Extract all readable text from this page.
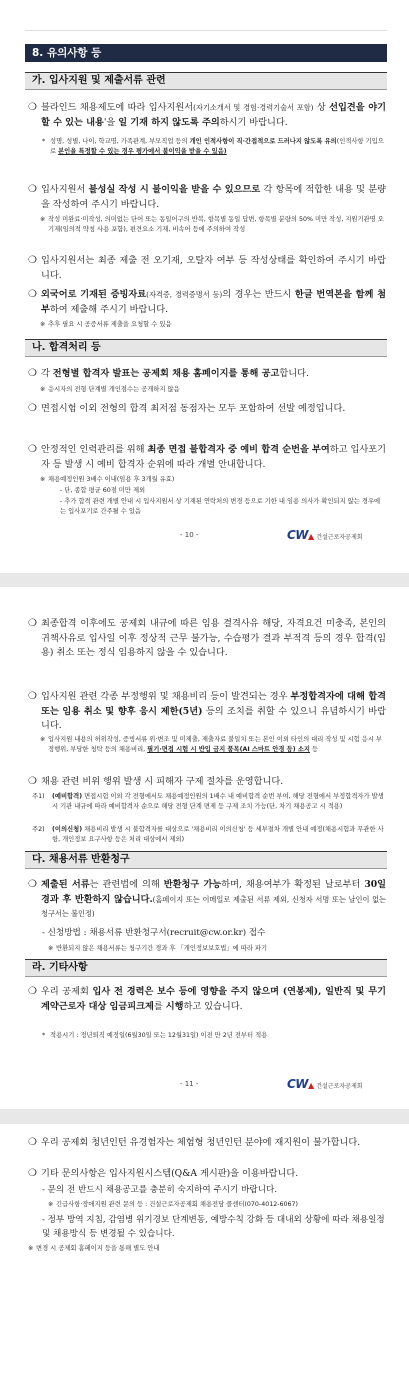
8. 유의사항 등
가. 입사지원 및 제출서류 관련
❍ 블라인드 채용제도에 따라 입사지원서(자기소개서 및 경험·경력기술서 포함) 상 선입견을 야기할 수 있는 내용'을 일 기재 하지 않도록 주의하시기 바랍니다.
* 성명, 성별, 나이, 학교명, 가족관계, 부모직업 등의 개인 인적사항이 직·간접적으로 드러나지 않도록 유의(인적사항 기입으로 본인을 특정할 수 있는 경우 평가에서 불이익을 받을 수 있음)
❍ 입사지원서 불성실 작성 시 불이익을 받을 수 있으므로 각 항목에 적합한 내용 및 분량을 작성하여 주시기 바랍니다.
※ 작성 미완료·미작성, 의미없는 단어 또는 동일어구의 반복, 항목별 동일 답변, 항목별 분량의 50% 미만 작성, 지원기관명 오기재(임의적 약칭 사용 포함), 편견요소 기재, 비속어 등에 주의하여 작성
❍ 입사지원서는 최종 제출 전 오기재, 오탈자 여부 등 작성상태를 확인하여 주시기 바랍니다.
❍ 외국어로 기재된 증빙자료(자격증, 경력증명서 등)의 경우는 반드시 한글 번역본을 함께 첨부하여 제출해 주시기 바랍니다.
※ 추후 필요 시 공증서류 제출을 요청할 수 있음
나. 합격처리 등
❍ 각 전형별 합격자 발표는 공제회 채용 홈페이지를 통해 공고합니다.
※ 응시자의 전형 단계별 개인점수는 공개하지 않음
❍ 면접시험 이외 전형의 합격 최저점 동점자는 모두 포함하여 선발 예정입니다.
❍ 안정적인 인력관리를 위해 최종 면접 불합격자 중 예비 합격 순번을 부여하고 입사포기자 등 발생 시 예비 합격자 순위에 따라 개별 안내합니다.
※ 채용예정인원 3배수 이내(임용 후 3개월 유효)
- 단, 종합 평균 60점 미만 제외
- 추가 합격 관련 개별 안내 시 입사지원서 상 기재된 연락처의 변경 등으로 기한 내 임용 의사가 확인되지 않는 경우에는 입사포기로 간주될 수 있음
- 10 -	CW▲ 건설근로자공제회
❍ 최종합격 이후에도 공제회 내규에 따른 임용 결격사유 해당, 자격요건 미충족, 본인의 귀책사유로 입사일 이후 정상적 근무 불가능, 수습평가 결과 부적격 등의 경우 합격(임용) 취소 또는 정식 임용하지 않을 수 있습니다.
❍ 입사지원 관련 각종 부정행위 및 채용비리 등이 발견되는 경우 부정합격자에 대해 합격 또는 임용 취소 및 향후 응시 제한(5년) 등의 조치를 취할 수 있으니 유념하시기 바랍니다.
※ 입사지원 내용의 허위작성, 증빙서류 위·변조 및 미제출, 제출자료 불일치 또는 본인 이외 타인의 대리 작성 및 시험 응시 부정행위, 부당한 청탁 등의 채용비리, 필기·면접 시험 시 반입 금지 품목(AI 스마트 안경 등) 소지 등
❍ 채용 관련 비위 행위 발생 시 피해자 구제 절차를 운영합니다.
주1) (예비합격) 면접시험 이외 각 전형에서도 채용예정인원의 1배수 내 예비합격 순번 부여, 해당 전형에서 부정합격자가 발생 시 기관 내규에 따라 예비합격자 순으로 해당 전형 단계 면제 등 구제 조치 가능(단, 차기 채용공고 시 적용)
주2) (이의신청) 채용비리 발생 시 불합격자를 대상으로 '채용비리 이의신청' 등 세부절차 개별 안내 예정(채용시험과 무관한 사항, 개인정보 요구사항 등은 처리 대상에서 제외)
다. 채용서류 반환청구
❍ 제출된 서류는 관련법에 의해 반환청구 가능하며, 채용여부가 확정된 날로부터 30일 경과 후 반환하지 않습니다.(홈페이지 또는 이메일로 제출된 서류 제외, 신청자 서명 또는 날인이 없는 청구서는 불인정)
- 신청방법 : 채용서류 반환청구서(recruit@cw.or.kr) 접수
※ 반환되지 않은 채용서류는 청구기간 경과 후 「개인정보보호법」에 따라 파기
라. 기타사항
❍ 우리 공제회 입사 전 경력은 보수 등에 영향을 주지 않으며 (연봉제), 일반직 및 무기계약근로자 대상 임금피크제를 시행하고 있습니다.
* 적용시기 : 정년퇴직 예정일(6월30일 또는 12월31일) 이전 만 2년 전부터 적용
- 11 -	CW▲ 건설근로자공제회
❍ 우리 공제회 청년인턴 유경험자는 체험형 청년인턴 분야에 재지원이 불가합니다.
❍ 기타 문의사항은 입사지원시스템(Q&A 게시판)을 이용바랍니다.
- 문의 전 반드시 채용공고를 충분히 숙지하여 주시기 바랍니다.
※ 긴급사항·장애지원 관련 문의 등 : 건설근로자공제회 채용전담 콜센터(070-4012-6067)
- 정부 방역 지침, 감염병 위기경보 단계변동, 예방수칙 강화 등 대내외 상황에 따라 채용일정 및 채용방식 등 변경될 수 있습니다.
※ 변경 시 공제회 홈페이지 등을 통해 별도 안내
